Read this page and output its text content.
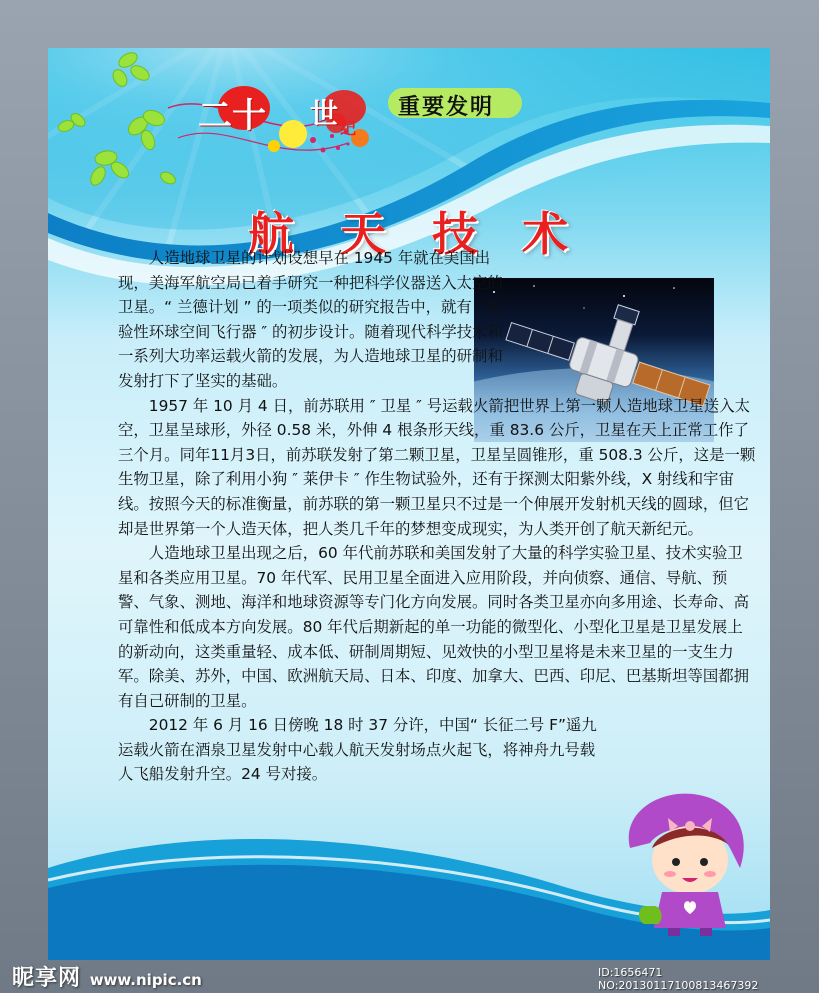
二十 世 纪
重要发明
航 天 技 术

人造地球卫星的计划设想早在 1945 年就在美国出现，美海军航空局已着手研究一种把科学仪器送入太空的卫星。“ 兰德计划 ” 的一项类似的研究报告中，就有 ″ 实验性环球空间飞行器 ″ 的初步设计。随着现代科学技术和一系列大功率运载火箭的发展，为人造地球卫星的研制和发射打下了坚实的基础。

1957 年 10 月 4 日，前苏联用 ″ 卫星 ″ 号运载火箭把世界上第一颗人造地球卫星送入太空，卫星呈球形，外径 0.58 米，外伸 4 根条形天线，重 83.6 公斤，卫星在天上正常工作了三个月。同年11月3日，前苏联发射了第二颗卫星，卫星呈圆锥形，重 508.3 公斤，这是一颗生物卫星，除了利用小狗 ″ 莱伊卡 ″ 作生物试验外，还有于探测太阳紫外线，X 射线和宇宙线。按照今天的标准衡量，前苏联的第一颗卫星只不过是一个伸展开发射机天线的圆球，但它却是世界第一个人造天体，把人类几千年的梦想变成现实，为人类开创了航天新纪元。

人造地球卫星出现之后，60 年代前苏联和美国发射了大量的科学实验卫星、技术实验卫星和各类应用卫星。70 年代军、民用卫星全面进入应用阶段，并向侦察、通信、导航、预警、气象、测地、海洋和地球资源等专门化方向发展。同时各类卫星亦向多用途、长寿命、高可靠性和低成本方向发展。80 年代后期新起的单一功能的微型化、小型化卫星是卫星发展上的新动向，这类重量轻、成本低、研制周期短、见效快的小型卫星将是未来卫星的一支生力军。除美、苏外，中国、欧洲航天局、日本、印度、加拿大、巴西、印尼、巴基斯坦等国都拥有自己研制的卫星。

2012 年 6 月 16 日傍晚 18 时 37 分许，中国“ 长征二号 F”遥九运载火箭在酒泉卫星发射中心载人航天发射场点火起飞，将神舟九号载人飞船发射升空。24 号对接。

昵享网 www.nipic.cn	ID:1656471 NO:20130117100813467392
